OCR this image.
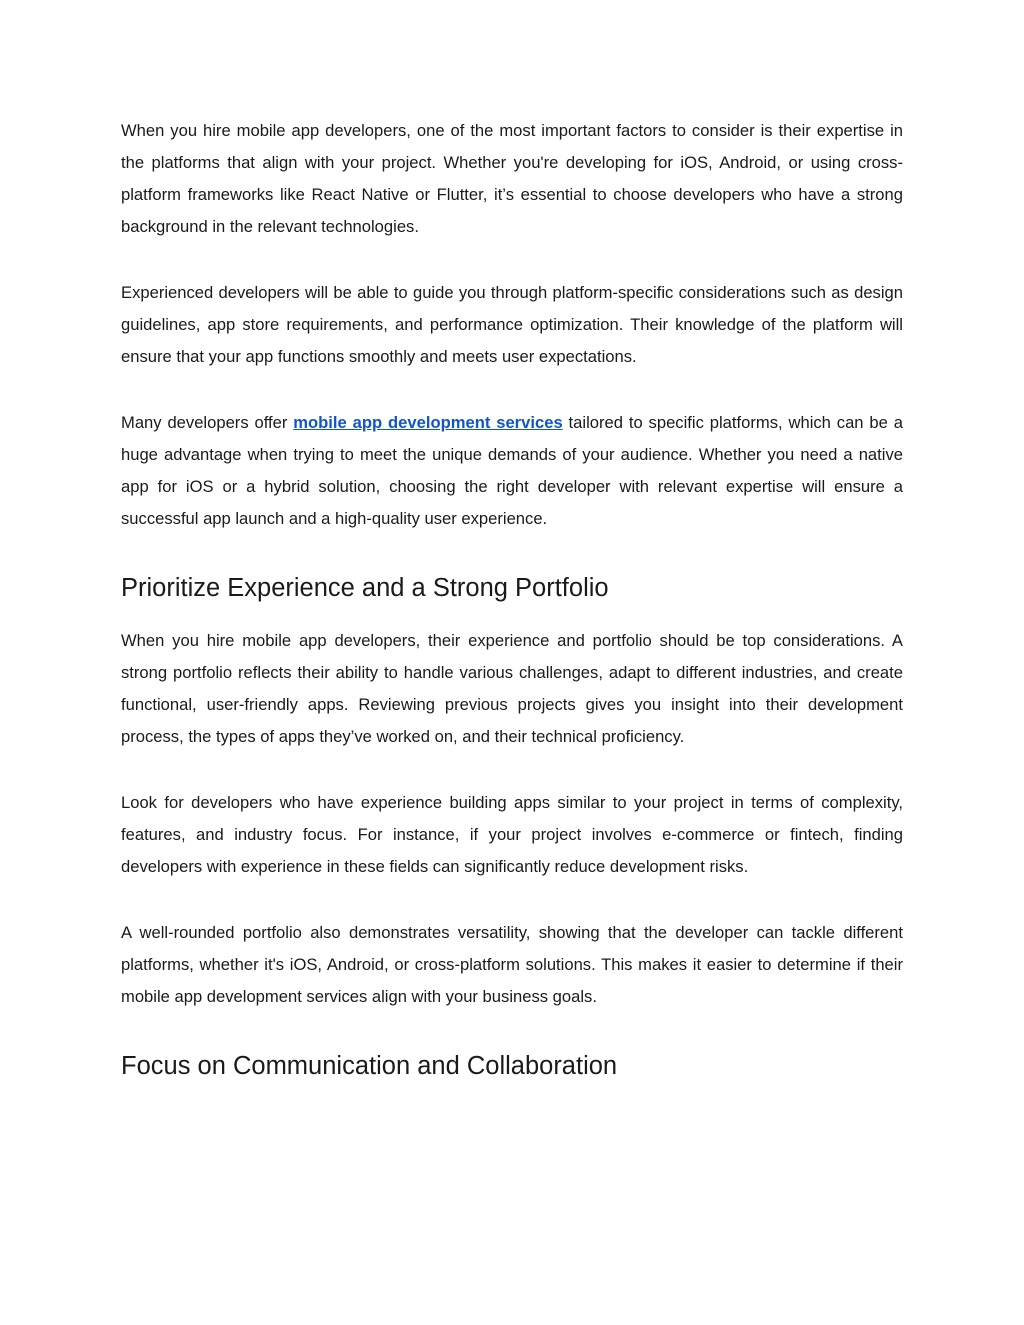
When you hire mobile app developers, one of the most important factors to consider is their expertise in the platforms that align with your project. Whether you're developing for iOS, Android, or using cross-platform frameworks like React Native or Flutter, it’s essential to choose developers who have a strong background in the relevant technologies.

Experienced developers will be able to guide you through platform-specific considerations such as design guidelines, app store requirements, and performance optimization. Their knowledge of the platform will ensure that your app functions smoothly and meets user expectations.

Many developers offer mobile app development services tailored to specific platforms, which can be a huge advantage when trying to meet the unique demands of your audience. Whether you need a native app for iOS or a hybrid solution, choosing the right developer with relevant expertise will ensure a successful app launch and a high-quality user experience.

Prioritize Experience and a Strong Portfolio

When you hire mobile app developers, their experience and portfolio should be top considerations. A strong portfolio reflects their ability to handle various challenges, adapt to different industries, and create functional, user-friendly apps. Reviewing previous projects gives you insight into their development process, the types of apps they’ve worked on, and their technical proficiency.

Look for developers who have experience building apps similar to your project in terms of complexity, features, and industry focus. For instance, if your project involves e-commerce or fintech, finding developers with experience in these fields can significantly reduce development risks.

A well-rounded portfolio also demonstrates versatility, showing that the developer can tackle different platforms, whether it's iOS, Android, or cross-platform solutions. This makes it easier to determine if their mobile app development services align with your business goals.

Focus on Communication and Collaboration
